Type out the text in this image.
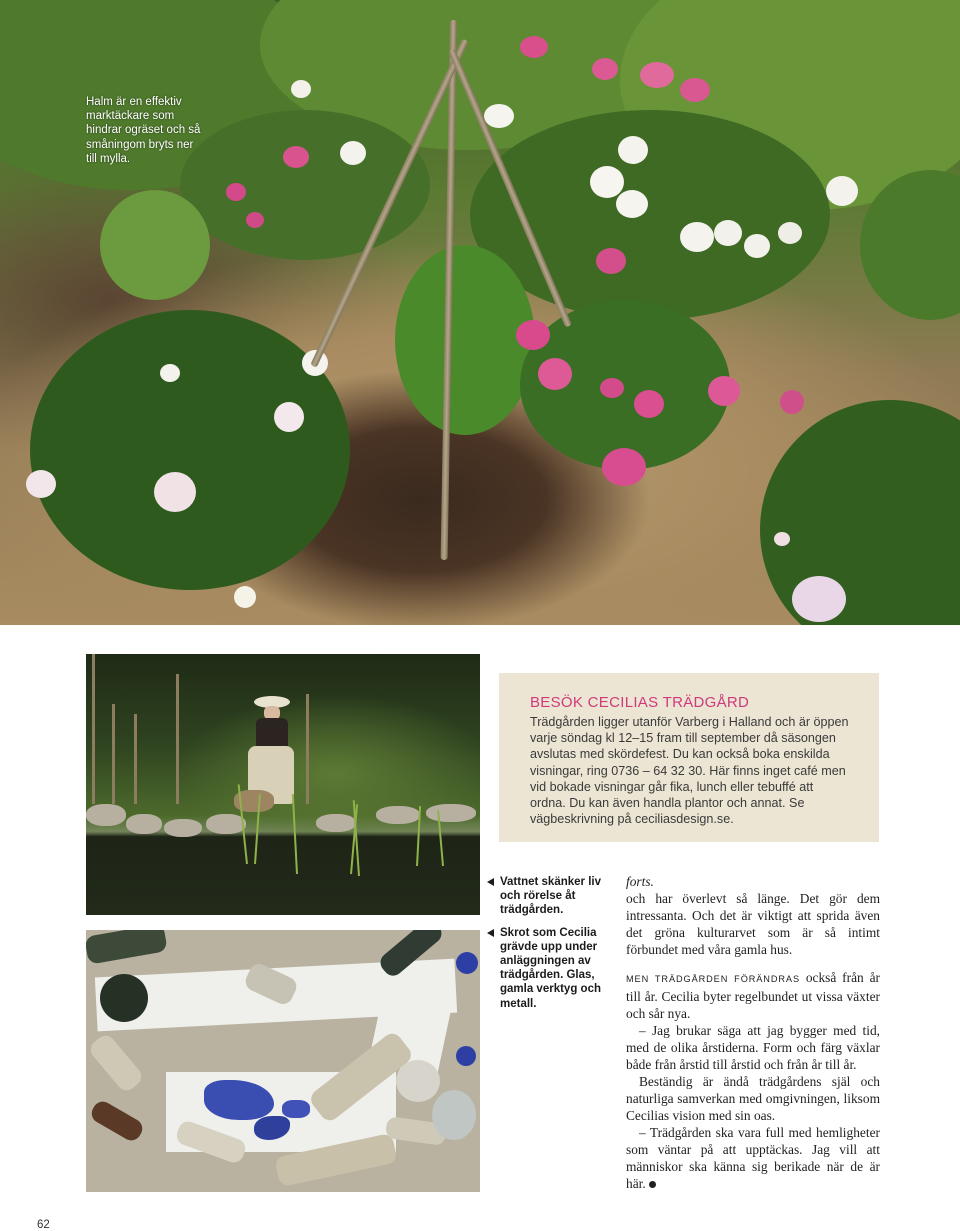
Halm är en effektiv marktäckare som hindrar ogräset och så småningom bryts ner till mylla.
BESÖK CECILIAS TRÄDGÅRD

Trädgården ligger utanför Varberg i Halland och är öppen varje söndag kl 12–15 fram till september då säsongen avslutas med skördefest. Du kan också boka enskilda visningar, ring 0736 – 64 32 30. Här finns inget café men vid bokade visningar går fika, lunch eller tebuffé att ordna. Du kan även handla plantor och annat. Se vägbeskrivning på ceciliasdesign.se.

Vattnet skänker liv och rörelse åt trädgården.
Skrot som Cecilia grävde upp under anläggningen av trädgården. Glas, gamla verktyg och metall.
forts.

och har överlevt så länge. Det gör dem intressanta. Och det är viktigt att sprida även det gröna kulturarvet som är så intimt förbundet med våra gamla hus.

MEN TRÄDGÅRDEN FÖRÄNDRAS också från år till år. Cecilia byter regelbundet ut vissa växter och sår nya.

– Jag brukar säga att jag bygger med tid, med de olika årstiderna. Form och färg växlar både från årstid till årstid och från år till år.

Beständig är ändå trädgårdens själ och naturliga samverkan med omgivningen, liksom Cecilias vision med sin oas.

– Trädgården ska vara full med hemligheter som väntar på att upptäckas. Jag vill att människor ska känna sig berikade när de är här.

62
